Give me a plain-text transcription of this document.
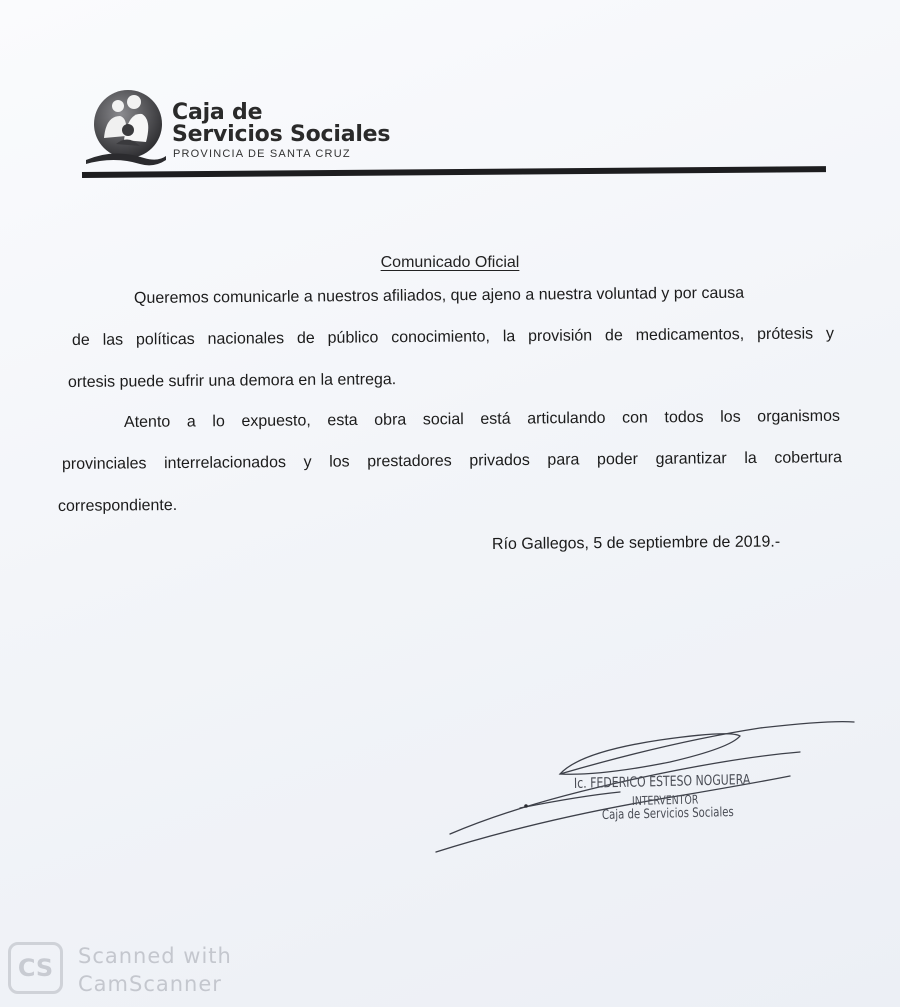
Caja de
Servicios Sociales
PROVINCIA DE SANTA CRUZ
Comunicado Oficial
Queremos comunicarle a nuestros afiliados, que ajeno a nuestra voluntad y por causa
de las políticas nacionales de público conocimiento, la provisión de medicamentos, prótesis y
ortesis puede sufrir una demora en la entrega.
Atento a lo expuesto, esta obra social está articulando con todos los organismos
provinciales interrelacionados y los prestadores privados para poder garantizar la cobertura
correspondiente.
Río Gallegos, 5 de septiembre de 2019.-
Ic. FEDERICO ESTESO NOGUERA
INTERVENTOR
Caja de Servicios Sociales
CS	Scanned with
CamScanner
